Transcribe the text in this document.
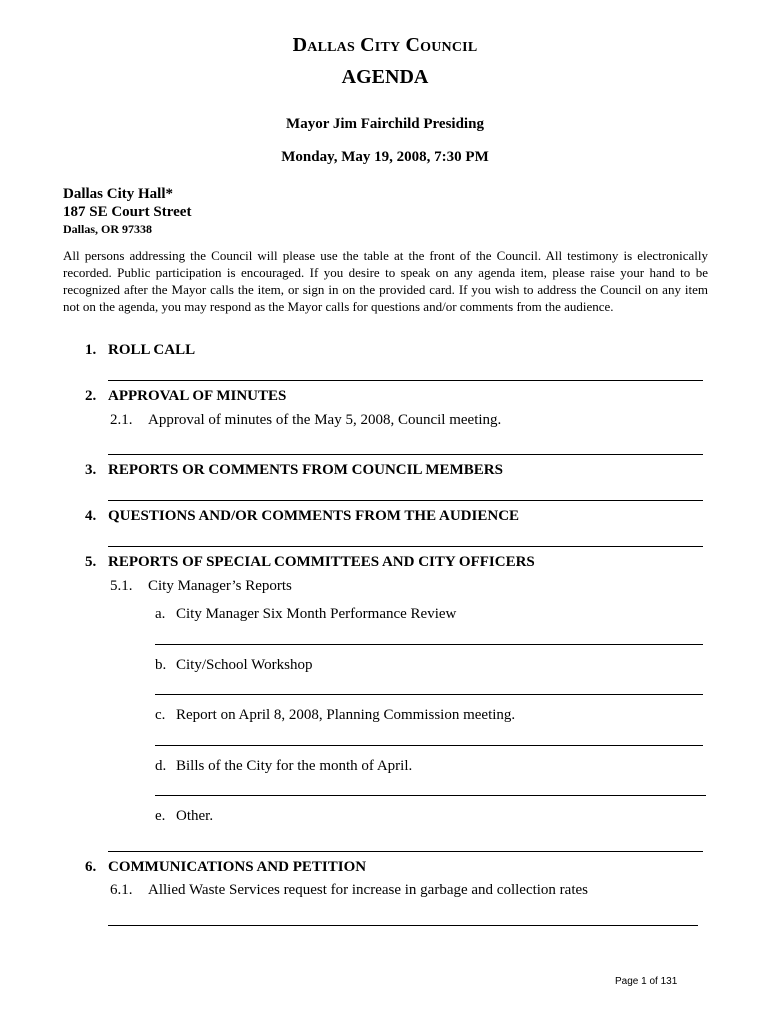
Dallas City Council
AGENDA
Mayor Jim Fairchild Presiding
Monday, May 19, 2008, 7:30 PM
Dallas City Hall*
187 SE Court Street
Dallas, OR 97338
All persons addressing the Council will please use the table at the front of the Council. All testimony is electronically recorded. Public participation is encouraged. If you desire to speak on any agenda item, please raise your hand to be recognized after the Mayor calls the item, or sign in on the provided card. If you wish to address the Council on any item not on the agenda, you may respond as the Mayor calls for questions and/or comments from the audience.
1. ROLL CALL
2. APPROVAL OF MINUTES
2.1. Approval of minutes of the May 5, 2008, Council meeting.
3. REPORTS OR COMMENTS FROM COUNCIL MEMBERS
4. QUESTIONS AND/OR COMMENTS FROM THE AUDIENCE
5. REPORTS OF SPECIAL COMMITTEES AND CITY OFFICERS
5.1. City Manager’s Reports
a. City Manager Six Month Performance Review
b. City/School Workshop
c. Report on April 8, 2008, Planning Commission meeting.
d. Bills of the City for the month of April.
e. Other.
6. COMMUNICATIONS AND PETITION
6.1. Allied Waste Services request for increase in garbage and collection rates
Page 1 of 131
